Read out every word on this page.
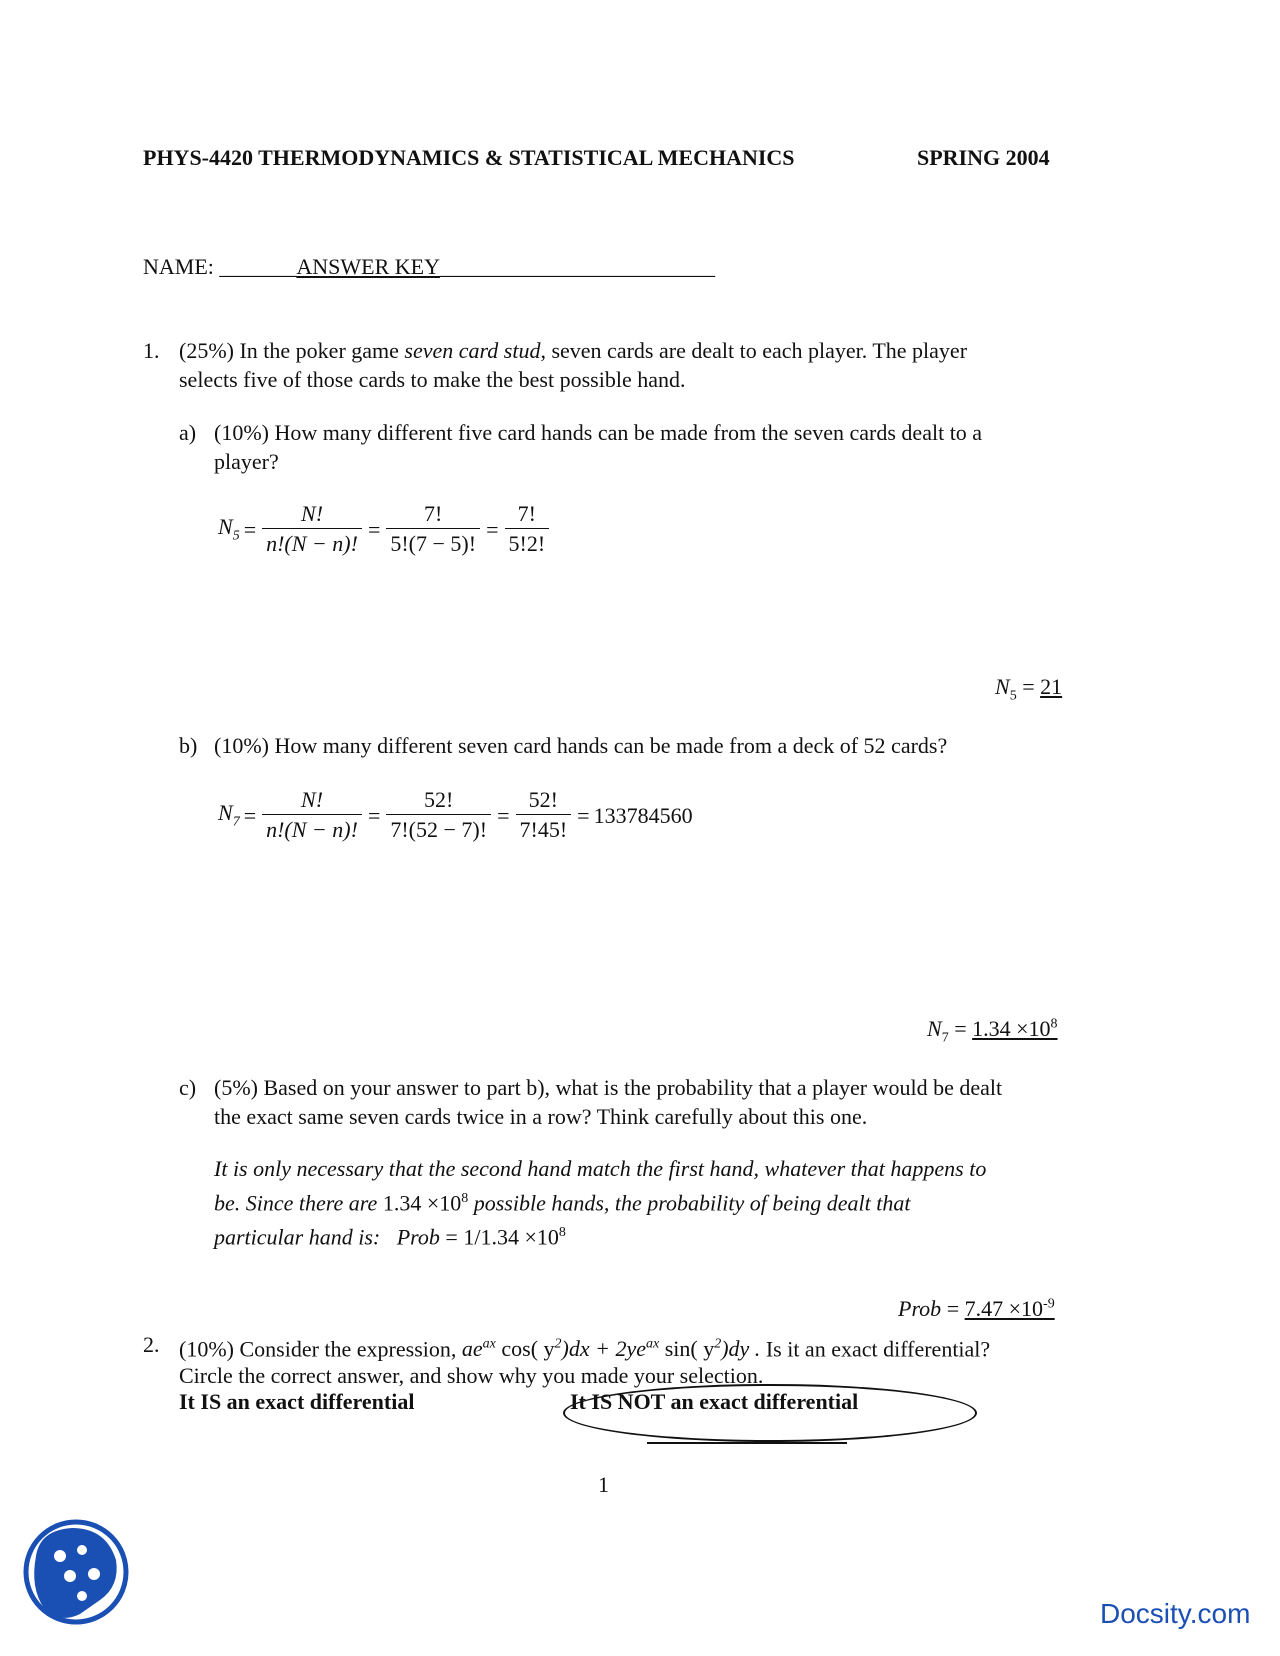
PHYS-4420 THERMODYNAMICS & STATISTICAL MECHANICS	SPRING 2004
NAME: _______ANSWER KEY_________________________
1. (25%) In the poker game seven card stud, seven cards are dealt to each player. The player
selects five of those cards to make the best possible hand.
a) (10%) How many different five card hands can be made from the seven cards dealt to a
player?
$N_5 = \frac{N!}{n!(N - n)!} = \frac{7!}{5!(7 - 5)!} = \frac{7!}{5!2!}$
$N_5 = 21$
b) (10%) How many different seven card hands can be made from a deck of 52 cards?
$N_7 = \frac{N!}{n!(N - n)!} = \frac{52!}{7!(52 - 7)!} = \frac{52!}{7!45!} = 133784560$
$N_7 = 1.34 \times 10^8$
c) (5%) Based on your answer to part b), what is the probability that a player would be dealt
the exact same seven cards twice in a row? Think carefully about this one.
It is only necessary that the second hand match the first hand, whatever that happens to
be. Since there are $1.34 \times 10^8$ possible hands, the probability of being dealt that
particular hand is: Prob = $1/1.34 \times 10^8$
Prob = $7.47 \times 10^{-9}$
2. (10%) Consider the expression, $ae^{ax}$ cos( $y^2)dx + 2ye^{ax}$ sin( $y^2)dy$ . Is it an exact differential?
Circle the correct answer, and show why you made your selection.
It IS an exact differential	It IS NOT an exact differential
1
Docsity.com
